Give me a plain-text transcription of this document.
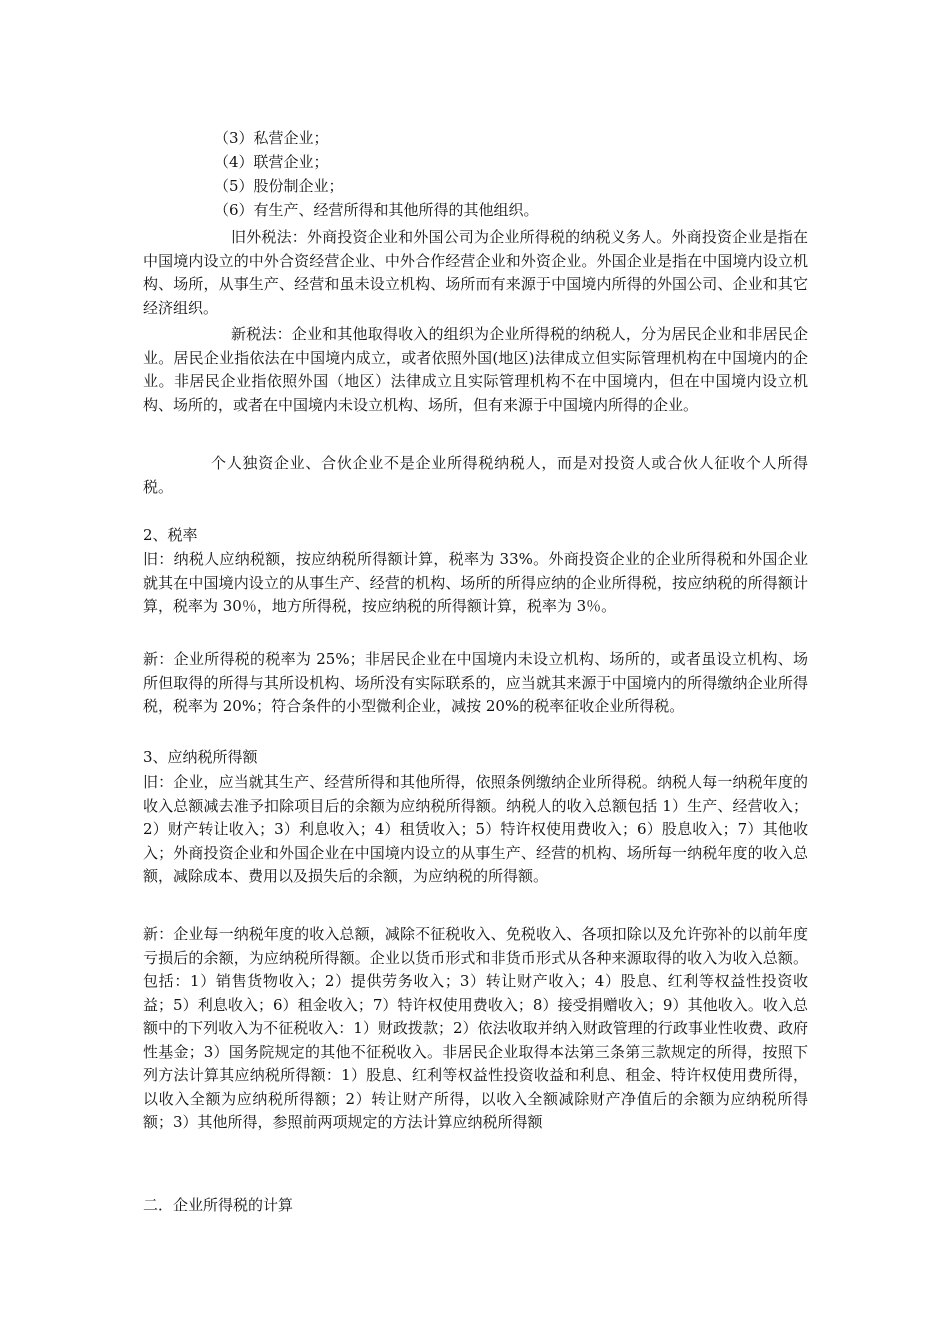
（3）私营企业；

（4）联营企业；

（5）股份制企业；

（6）有生产、经营所得和其他所得的其他组织。

旧外税法：外商投资企业和外国公司为企业所得税的纳税义务人。外商投资企业是指在中国境内设立的中外合资经营企业、中外合作经营企业和外资企业。外国企业是指在中国境内设立机构、场所，从事生产、经营和虽未设立机构、场所而有来源于中国境内所得的外国公司、企业和其它经济组织。

新税法：企业和其他取得收入的组织为企业所得税的纳税人，分为居民企业和非居民企业。居民企业指依法在中国境内成立，或者依照外国(地区)法律成立但实际管理机构在中国境内的企业。非居民企业指依照外国（地区）法律成立且实际管理机构不在中国境内，但在中国境内设立机构、场所的，或者在中国境内未设立机构、场所，但有来源于中国境内所得的企业。

个人独资企业、合伙企业不是企业所得税纳税人，而是对投资人或合伙人征收个人所得税。

2、税率

旧：纳税人应纳税额，按应纳税所得额计算，税率为 33%。外商投资企业的企业所得税和外国企业就其在中国境内设立的从事生产、经营的机构、场所的所得应纳的企业所得税，按应纳税的所得额计算，税率为 30％，地方所得税，按应纳税的所得额计算，税率为 3％。

新：企业所得税的税率为 25%；非居民企业在中国境内未设立机构、场所的，或者虽设立机构、场所但取得的所得与其所设机构、场所没有实际联系的，应当就其来源于中国境内的所得缴纳企业所得税，税率为 20%；符合条件的小型微利企业，减按 20%的税率征收企业所得税。

3、应纳税所得额

旧：企业，应当就其生产、经营所得和其他所得，依照条例缴纳企业所得税。纳税人每一纳税年度的收入总额减去准予扣除项目后的余额为应纳税所得额。纳税人的收入总额包括 1）生产、经营收入；2）财产转让收入；3）利息收入；4）租赁收入；5）特许权使用费收入；6）股息收入；7）其他收入；外商投资企业和外国企业在中国境内设立的从事生产、经营的机构、场所每一纳税年度的收入总额，减除成本、费用以及损失后的余额，为应纳税的所得额。

新：企业每一纳税年度的收入总额，减除不征税收入、免税收入、各项扣除以及允许弥补的以前年度亏损后的余额，为应纳税所得额。企业以货币形式和非货币形式从各种来源取得的收入为收入总额。包括：1）销售货物收入；2）提供劳务收入；3）转让财产收入；4）股息、红利等权益性投资收益；5）利息收入；6）租金收入；7）特许权使用费收入；8）接受捐赠收入；9）其他收入。收入总额中的下列收入为不征税收入：1）财政拨款；2）依法收取并纳入财政管理的行政事业性收费、政府性基金；3）国务院规定的其他不征税收入。非居民企业取得本法第三条第三款规定的所得，按照下列方法计算其应纳税所得额：1）股息、红利等权益性投资收益和利息、租金、特许权使用费所得，以收入全额为应纳税所得额；2）转让财产所得，以收入全额减除财产净值后的余额为应纳税所得额；3）其他所得，参照前两项规定的方法计算应纳税所得额

二．企业所得税的计算
